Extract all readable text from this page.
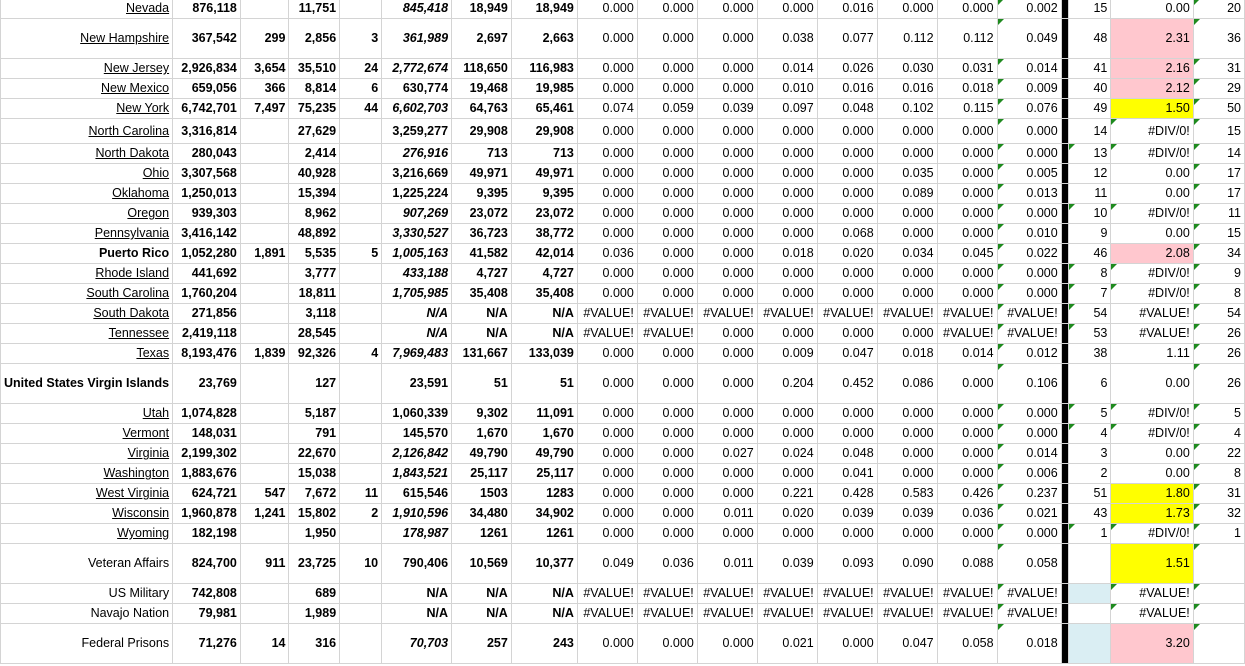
Nevada	876,118		11,751		845,418	18,949	18,949	0.000	0.000	0.000	0.000	0.016	0.000	0.000	0.002		15	0.00	20
New Hampshire	367,542	299	2,856	3	361,989	2,697	2,663	0.000	0.000	0.000	0.038	0.077	0.112	0.112	0.049		48	2.31	36
New Jersey	2,926,834	3,654	35,510	24	2,772,674	118,650	116,983	0.000	0.000	0.000	0.014	0.026	0.030	0.031	0.014		41	2.16	31
New Mexico	659,056	366	8,814	6	630,774	19,468	19,985	0.000	0.000	0.000	0.010	0.016	0.016	0.018	0.009		40	2.12	29
New York	6,742,701	7,497	75,235	44	6,602,703	64,763	65,461	0.074	0.059	0.039	0.097	0.048	0.102	0.115	0.076		49	1.50	50
North Carolina	3,316,814		27,629		3,259,277	29,908	29,908	0.000	0.000	0.000	0.000	0.000	0.000	0.000	0.000		14	#DIV/0!	15
North Dakota	280,043		2,414		276,916	713	713	0.000	0.000	0.000	0.000	0.000	0.000	0.000	0.000		13	#DIV/0!	14
Ohio	3,307,568		40,928		3,216,669	49,971	49,971	0.000	0.000	0.000	0.000	0.000	0.035	0.000	0.005		12	0.00	17
Oklahoma	1,250,013		15,394		1,225,224	9,395	9,395	0.000	0.000	0.000	0.000	0.000	0.089	0.000	0.013		11	0.00	17
Oregon	939,303		8,962		907,269	23,072	23,072	0.000	0.000	0.000	0.000	0.000	0.000	0.000	0.000		10	#DIV/0!	11
Pennsylvania	3,416,142		48,892		3,330,527	36,723	38,772	0.000	0.000	0.000	0.000	0.068	0.000	0.000	0.010		9	0.00	15
Puerto Rico	1,052,280	1,891	5,535	5	1,005,163	41,582	42,014	0.036	0.000	0.000	0.018	0.020	0.034	0.045	0.022		46	2.08	34
Rhode Island	441,692		3,777		433,188	4,727	4,727	0.000	0.000	0.000	0.000	0.000	0.000	0.000	0.000		8	#DIV/0!	9
South Carolina	1,760,204		18,811		1,705,985	35,408	35,408	0.000	0.000	0.000	0.000	0.000	0.000	0.000	0.000		7	#DIV/0!	8
South Dakota	271,856		3,118		N/A	N/A	N/A	#VALUE!	#VALUE!	#VALUE!	#VALUE!	#VALUE!	#VALUE!	#VALUE!	#VALUE!		54	#VALUE!	54
Tennessee	2,419,118		28,545		N/A	N/A	N/A	#VALUE!	#VALUE!	0.000	0.000	0.000	0.000	#VALUE!	#VALUE!		53	#VALUE!	26
Texas	8,193,476	1,839	92,326	4	7,969,483	131,667	133,039	0.000	0.000	0.000	0.009	0.047	0.018	0.014	0.012		38	1.11	26
United States Virgin Islands	23,769		127		23,591	51	51	0.000	0.000	0.000	0.204	0.452	0.086	0.000	0.106		6	0.00	26
Utah	1,074,828		5,187		1,060,339	9,302	11,091	0.000	0.000	0.000	0.000	0.000	0.000	0.000	0.000		5	#DIV/0!	5
Vermont	148,031		791		145,570	1,670	1,670	0.000	0.000	0.000	0.000	0.000	0.000	0.000	0.000		4	#DIV/0!	4
Virginia	2,199,302		22,670		2,126,842	49,790	49,790	0.000	0.000	0.027	0.024	0.048	0.000	0.000	0.014		3	0.00	22
Washington	1,883,676		15,038		1,843,521	25,117	25,117	0.000	0.000	0.000	0.000	0.041	0.000	0.000	0.006		2	0.00	8
West Virginia	624,721	547	7,672	11	615,546	1503	1283	0.000	0.000	0.000	0.221	0.428	0.583	0.426	0.237		51	1.80	31
Wisconsin	1,960,878	1,241	15,802	2	1,910,596	34,480	34,902	0.000	0.000	0.011	0.020	0.039	0.039	0.036	0.021		43	1.73	32
Wyoming	182,198		1,950		178,987	1261	1261	0.000	0.000	0.000	0.000	0.000	0.000	0.000	0.000		1	#DIV/0!	1
Veteran Affairs	824,700	911	23,725	10	790,406	10,569	10,377	0.049	0.036	0.011	0.039	0.093	0.090	0.088	0.058			1.51	
US Military	742,808		689		N/A	N/A	N/A	#VALUE!	#VALUE!	#VALUE!	#VALUE!	#VALUE!	#VALUE!	#VALUE!	#VALUE!			#VALUE!	
Navajo Nation	79,981		1,989		N/A	N/A	N/A	#VALUE!	#VALUE!	#VALUE!	#VALUE!	#VALUE!	#VALUE!	#VALUE!	#VALUE!			#VALUE!	
Federal Prisons	71,276	14	316		70,703	257	243	0.000	0.000	0.000	0.021	0.000	0.047	0.058	0.018			3.20	
